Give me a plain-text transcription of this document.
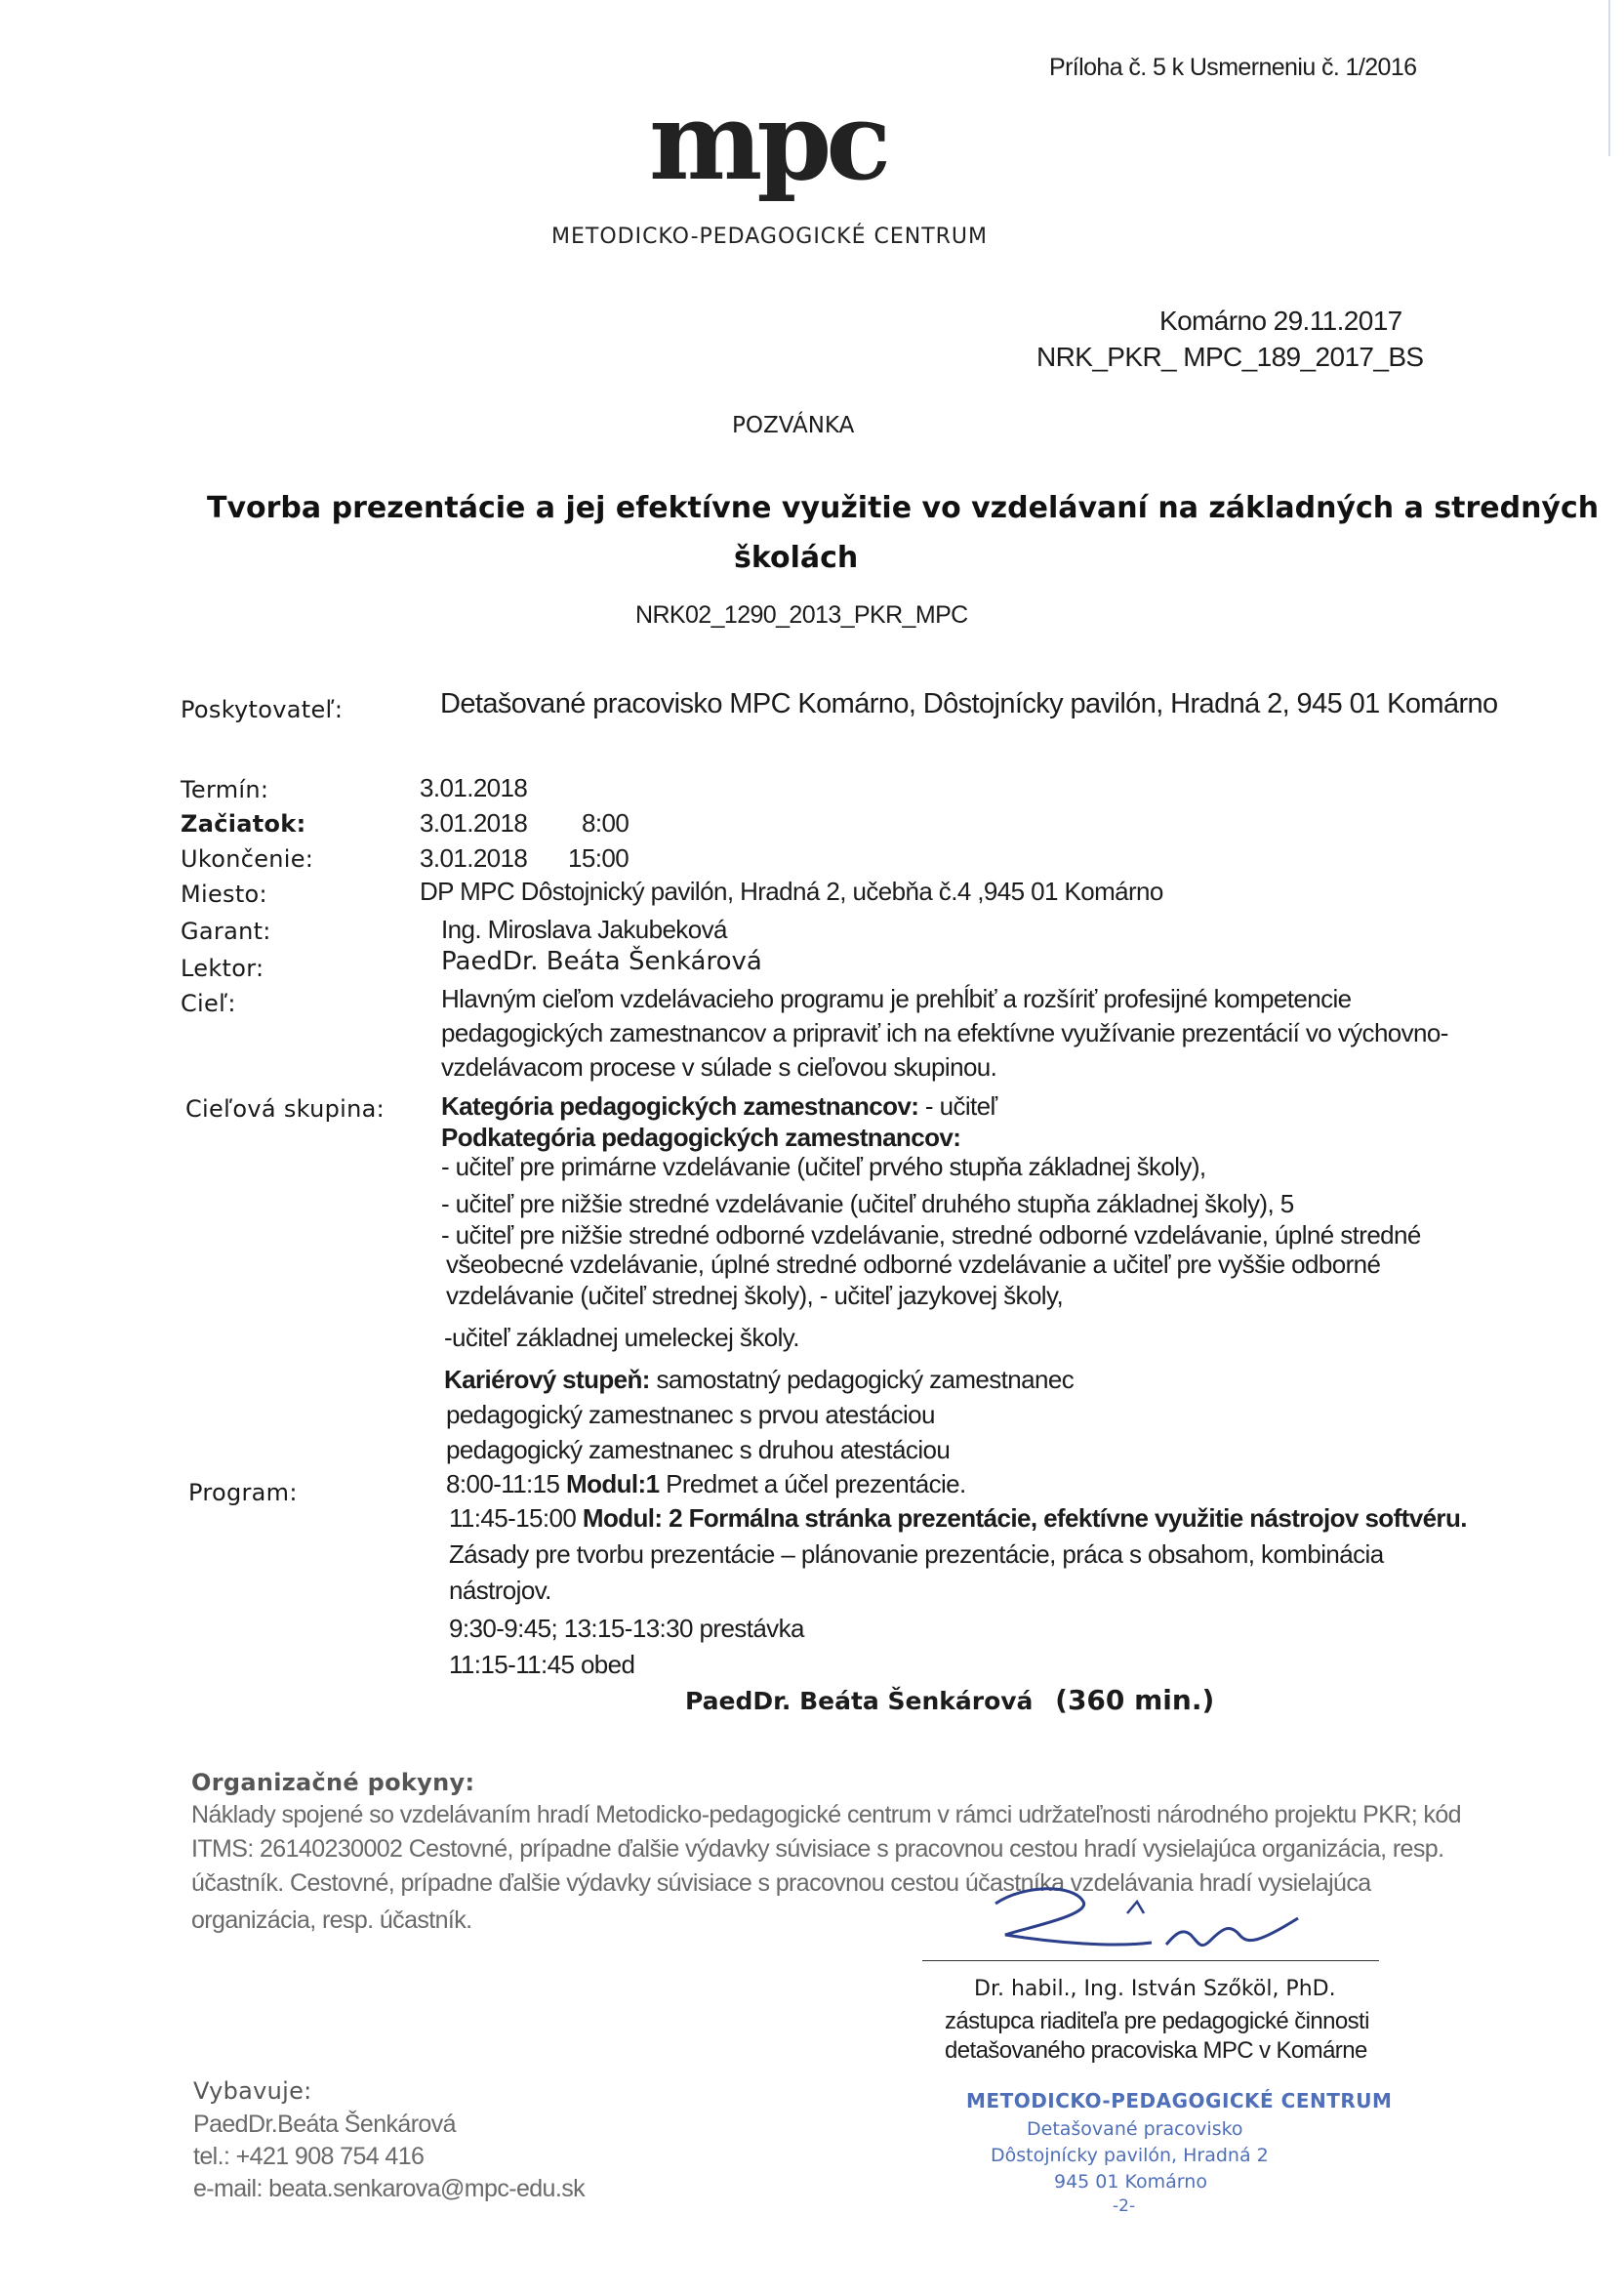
Príloha č. 5 k Usmerneniu č. 1/2016
mpc
METODICKO-PEDAGOGICKÉ CENTRUM
Komárno 29.11.2017
NRK_PKR_ MPC_189_2017_BS
POZVÁNKA
Tvorba prezentácie a jej efektívne využitie vo vzdelávaní na základných a stredných
školách
NRK02_1290_2013_PKR_MPC
Poskytovateľ:	Detašované pracovisko MPC Komárno, Dôstojnícky pavilón, Hradná 2, 945 01 Komárno
Termín:	3.01.2018
Začiatok:	3.01.2018 8:00
Ukončenie:	3.01.2018 15:00
Miesto:	DP MPC Dôstojnický pavilón, Hradná 2, učebňa č.4 ,945 01 Komárno
Garant:	Ing. Miroslava Jakubeková
Lektor:	PaedDr. Beáta Šenkárová
Cieľ:	Hlavným cieľom vzdelávacieho programu je prehĺbiť a rozšíriť profesijné kompetencie
pedagogických zamestnancov a pripraviť ich na efektívne využívanie prezentácií vo výchovno-
vzdelávacom procese v súlade s cieľovou skupinou.
Cieľová skupina: Kategória pedagogických zamestnancov: - učiteľ
Podkategória pedagogických zamestnancov:
- učiteľ pre primárne vzdelávanie (učiteľ prvého stupňa základnej školy),
- učiteľ pre nižšie stredné vzdelávanie (učiteľ druhého stupňa základnej školy), 5
- učiteľ pre nižšie stredné odborné vzdelávanie, stredné odborné vzdelávanie, úplné stredné
všeobecné vzdelávanie, úplné stredné odborné vzdelávanie a učiteľ pre vyššie odborné
vzdelávanie (učiteľ strednej školy), - učiteľ jazykovej školy,
-učiteľ základnej umeleckej školy.
Kariérový stupeň: samostatný pedagogický zamestnanec
pedagogický zamestnanec s prvou atestáciou
pedagogický zamestnanec s druhou atestáciou
Program:	8:00-11:15 Modul:1 Predmet a účel prezentácie.
11:45-15:00 Modul: 2 Formálna stránka prezentácie, efektívne využitie nástrojov softvéru.
Zásady pre tvorbu prezentácie – plánovanie prezentácie, práca s obsahom, kombinácia
nástrojov.
9:30-9:45; 13:15-13:30 prestávka
11:15-11:45 obed
PaedDr. Beáta Šenkárová (360 min.)
Organizačné pokyny:
Náklady spojené so vzdelávaním hradí Metodicko-pedagogické centrum v rámci udržateľnosti národného projektu PKR; kód
ITMS: 26140230002 Cestovné, prípadne ďalšie výdavky súvisiace s pracovnou cestou hradí vysielajúca organizácia, resp.
účastník. Cestovné, prípadne ďalšie výdavky súvisiace s pracovnou cestou účastníka vzdelávania hradí vysielajúca
organizácia, resp. účastník.
Dr. habil., Ing. István Szőköl, PhD.
zástupca riaditeľa pre pedagogické činnosti
detašovaného pracoviska MPC v Komárne
Vybavuje:
PaedDr.Beáta Šenkárová
tel.: +421 908 754 416
e-mail: beata.senkarova@mpc-edu.sk
METODICKO-PEDAGOGICKÉ CENTRUM
Detašované pracovisko
Dôstojnícky pavilón, Hradná 2
945 01 Komárno
-2-
